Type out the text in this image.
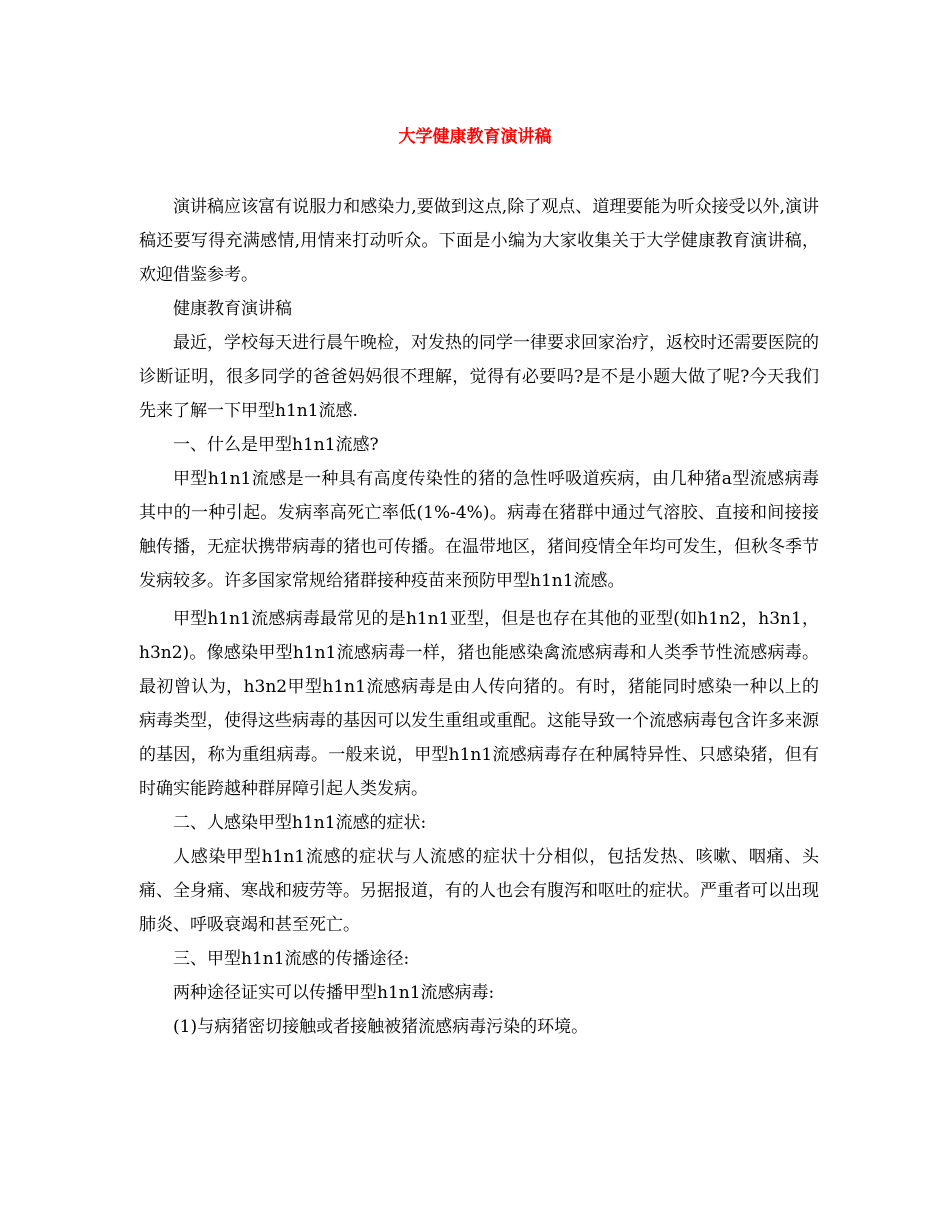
大学健康教育演讲稿

演讲稿应该富有说服力和感染力,要做到这点,除了观点、道理要能为听众接受以外,演讲稿还要写得充满感情,用情来打动听众。下面是小编为大家收集关于大学健康教育演讲稿，欢迎借鉴参考。

健康教育演讲稿

最近，学校每天进行晨午晚检，对发热的同学一律要求回家治疗，返校时还需要医院的诊断证明，很多同学的爸爸妈妈很不理解，觉得有必要吗?是不是小题大做了呢?今天我们先来了解一下甲型h1n1流感.

一、什么是甲型h1n1流感?

甲型h1n1流感是一种具有高度传染性的猪的急性呼吸道疾病，由几种猪a型流感病毒其中的一种引起。发病率高死亡率低(1%-4%)。病毒在猪群中通过气溶胶、直接和间接接触传播，无症状携带病毒的猪也可传播。在温带地区，猪间疫情全年均可发生，但秋冬季节发病较多。许多国家常规给猪群接种疫苗来预防甲型h1n1流感。

甲型h1n1流感病毒最常见的是h1n1亚型，但是也存在其他的亚型(如h1n2，h3n1，h3n2)。像感染甲型h1n1流感病毒一样，猪也能感染禽流感病毒和人类季节性流感病毒。最初曾认为，h3n2甲型h1n1流感病毒是由人传向猪的。有时，猪能同时感染一种以上的病毒类型，使得这些病毒的基因可以发生重组或重配。这能导致一个流感病毒包含许多来源的基因，称为重组病毒。一般来说，甲型h1n1流感病毒存在种属特异性、只感染猪，但有时确实能跨越种群屏障引起人类发病。

二、人感染甲型h1n1流感的症状:

人感染甲型h1n1流感的症状与人流感的症状十分相似，包括发热、咳嗽、咽痛、头痛、全身痛、寒战和疲劳等。另据报道，有的人也会有腹泻和呕吐的症状。严重者可以出现肺炎、呼吸衰竭和甚至死亡。

三、甲型h1n1流感的传播途径:

两种途径证实可以传播甲型h1n1流感病毒:

(1)与病猪密切接触或者接触被猪流感病毒污染的环境。
